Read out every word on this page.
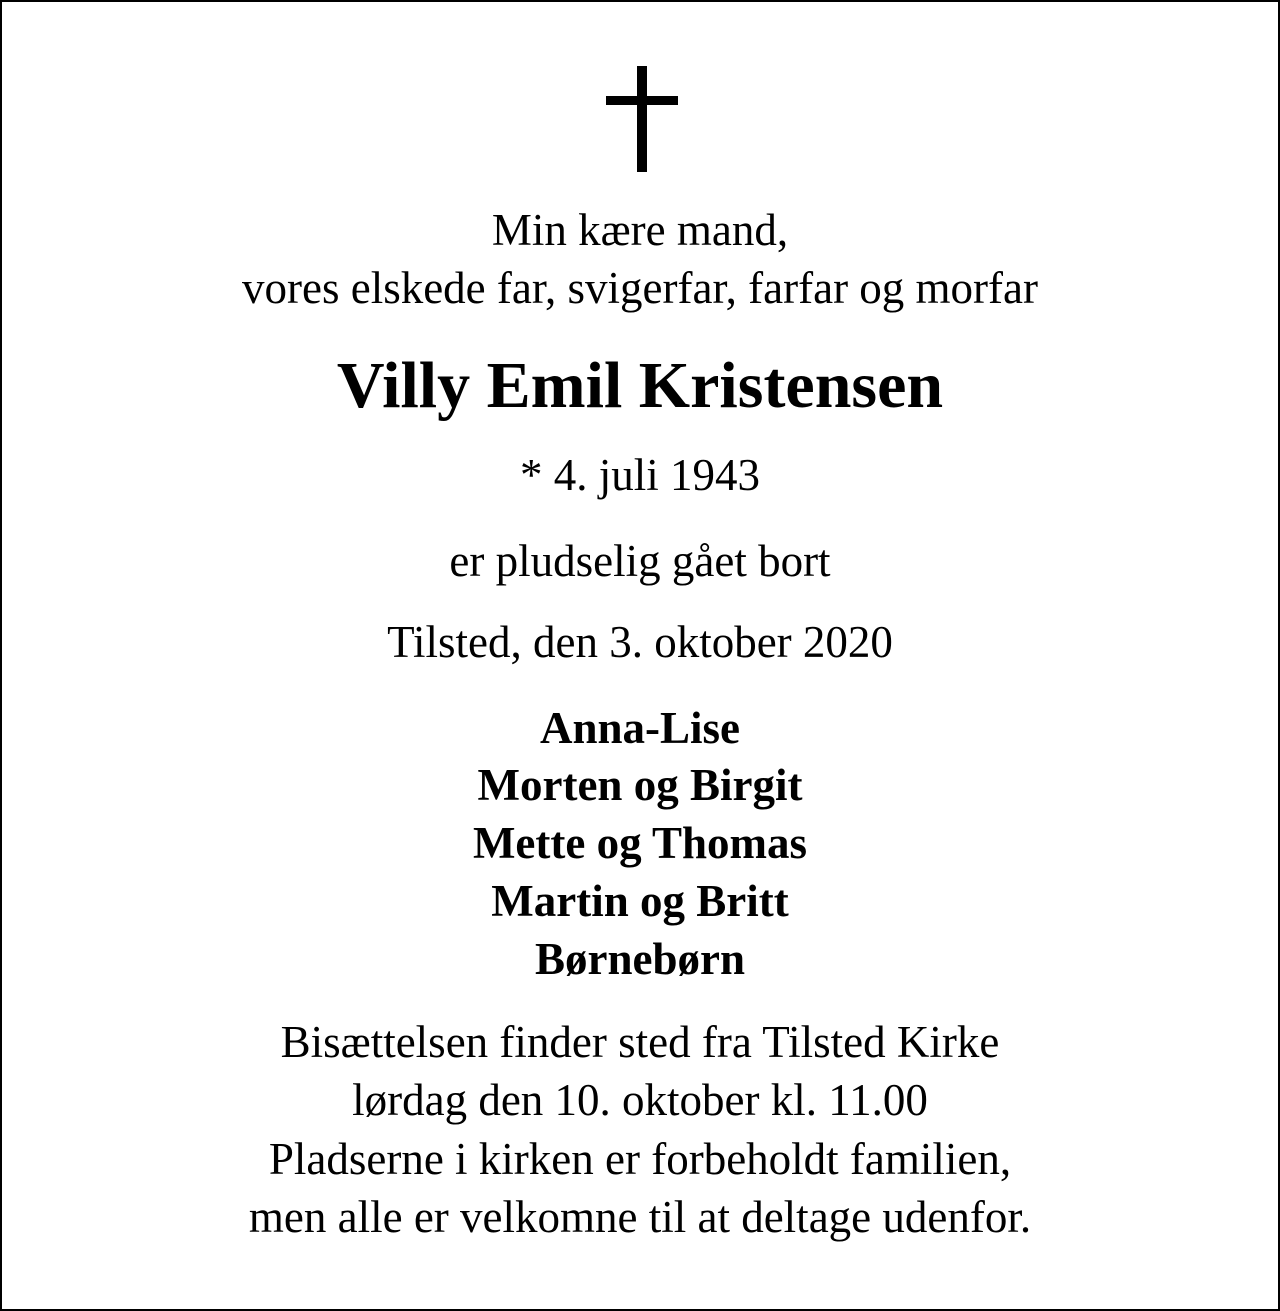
Min kære mand,
vores elskede far, svigerfar, farfar og morfar
Villy Emil Kristensen
* 4. juli 1943
er pludselig gået bort
Tilsted, den 3. oktober 2020
Anna-Lise
Morten og Birgit
Mette og Thomas
Martin og Britt
Børnebørn
Bisættelsen finder sted fra Tilsted Kirke
lørdag den 10. oktober kl. 11.00
Pladserne i kirken er forbeholdt familien,
men alle er velkomne til at deltage udenfor.
